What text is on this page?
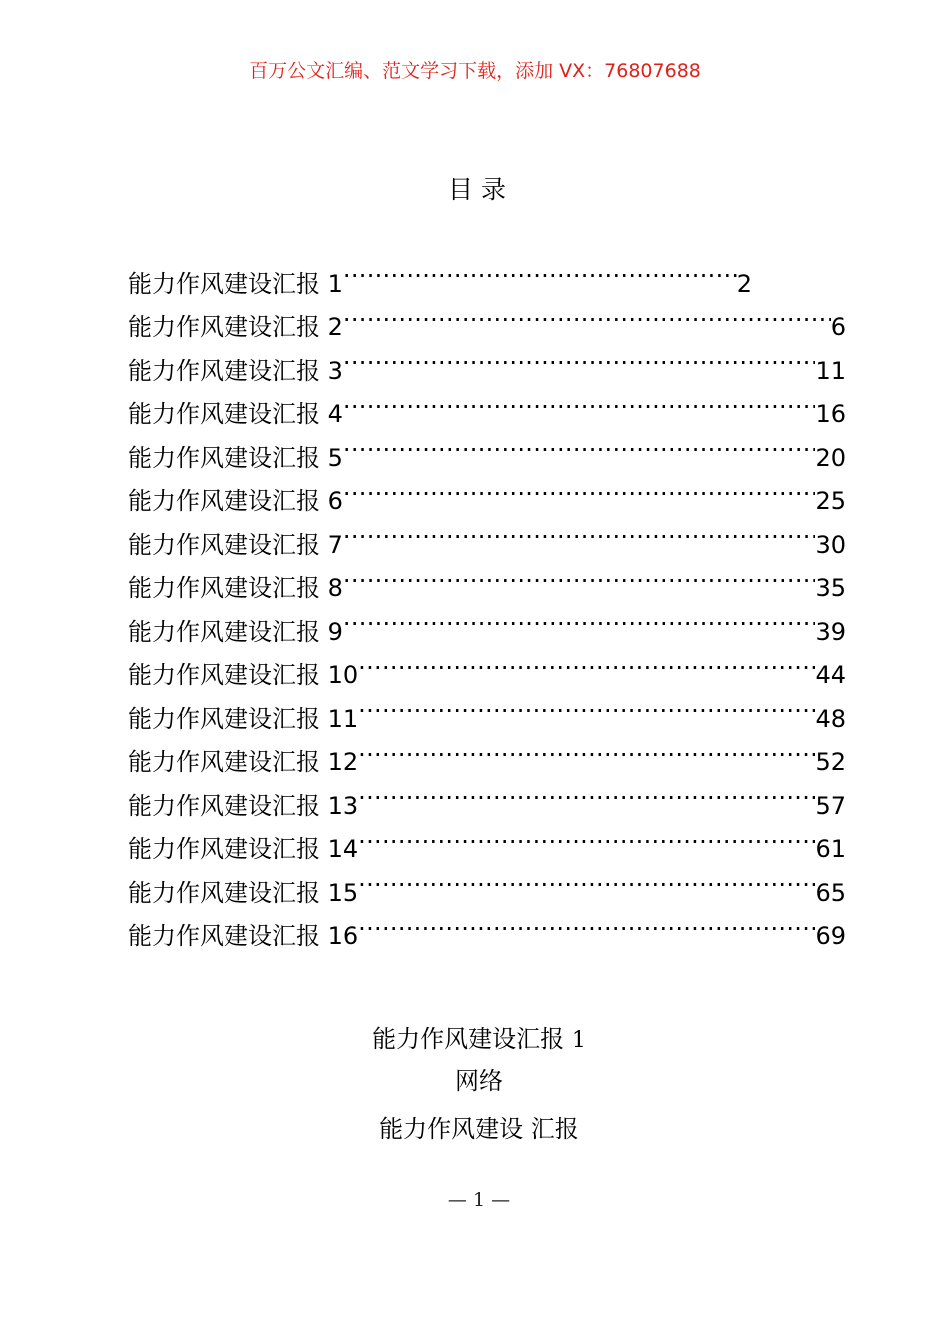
百万公文汇编、范文学习下载，添加 VX：76807688
目录
能力作风建设汇报 1 .....	2
能力作风建设汇报 2 .....	6
能力作风建设汇报 3 .....	11
能力作风建设汇报 4 .....	16
能力作风建设汇报 5 .....	20
能力作风建设汇报 6 .....	25
能力作风建设汇报 7 .....	30
能力作风建设汇报 8 .....	35
能力作风建设汇报 9 .....	39
能力作风建设汇报 10 .....	44
能力作风建设汇报 11 .....	48
能力作风建设汇报 12 .....	52
能力作风建设汇报 13 .....	57
能力作风建设汇报 14 .....	61
能力作风建设汇报 15 .....	65
能力作风建设汇报 16 .....	69
能力作风建设汇报 1
网络
能力作风建设 汇报
— 1 —
